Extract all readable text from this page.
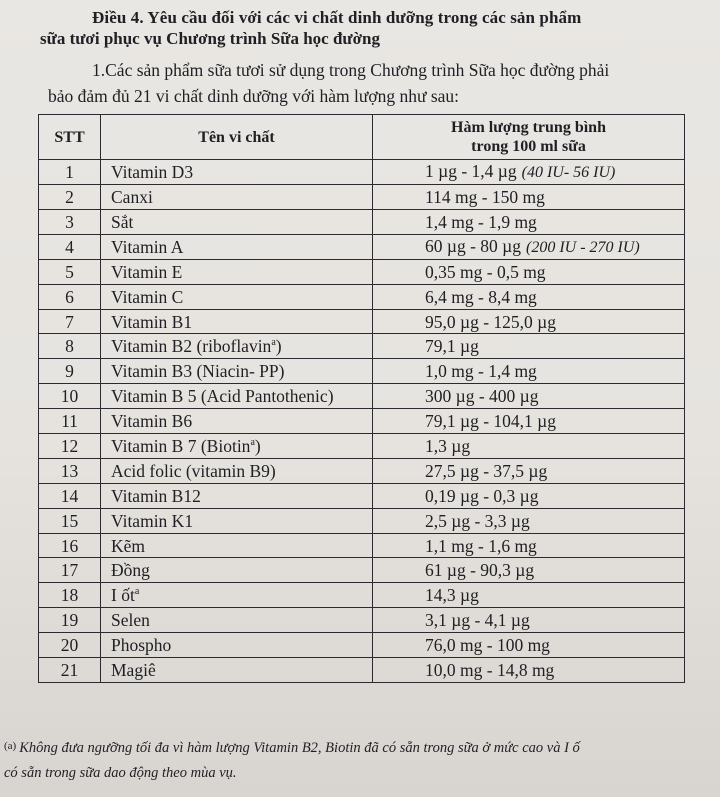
Điều 4. Yêu cầu đối với các vi chất dinh dưỡng trong các sản phẩm
sữa tươi phục vụ Chương trình Sữa học đường
1.Các sản phẩm sữa tươi sử dụng trong Chương trình Sữa học đường phải
bảo đảm đủ 21 vi chất dinh dưỡng với hàm lượng như sau:
STT	Tên vi chất	Hàm lượng trung bình
trong 100 ml sữa

1	Vitamin D3	1 µg - 1,4 µg (40 IU- 56 IU)
2	Canxi	114 mg - 150 mg
3	Sắt	1,4 mg - 1,9 mg
4	Vitamin A	60 µg - 80 µg (200 IU - 270 IU)
5	Vitamin E	0,35 mg - 0,5 mg
6	Vitamin C	6,4 mg - 8,4 mg
7	Vitamin B1	95,0 µg - 125,0 µg
8	Vitamin B2 (riboflavin$^a$)	79,1 µg
9	Vitamin B3 (Niacin- PP)	1,0 mg - 1,4 mg
10	Vitamin B 5 (Acid Pantothenic)	300 µg - 400 µg
11	Vitamin B6	79,1 µg - 104,1 µg
12	Vitamin B 7 (Biotin$^a$)	1,3 µg
13	Acid folic (vitamin B9)	27,5 µg - 37,5 µg
14	Vitamin B12	0,19 µg - 0,3 µg
15	Vitamin K1	2,5 µg - 3,3 µg
16	Kẽm	1,1 mg - 1,6 mg
17	Đồng	61 µg - 90,3 µg
18	I ốt$^a$	14,3 µg
19	Selen	3,1 µg - 4,1 µg
20	Phospho	76,0 mg - 100 mg
21	Magiê	10,0 mg - 14,8 mg
$^{(a)}$ Không đưa ngưỡng tối đa vì hàm lượng Vitamin B2, Biotin đã có sẵn trong sữa ở mức cao và I ố
có sẵn trong sữa dao động theo mùa vụ.
